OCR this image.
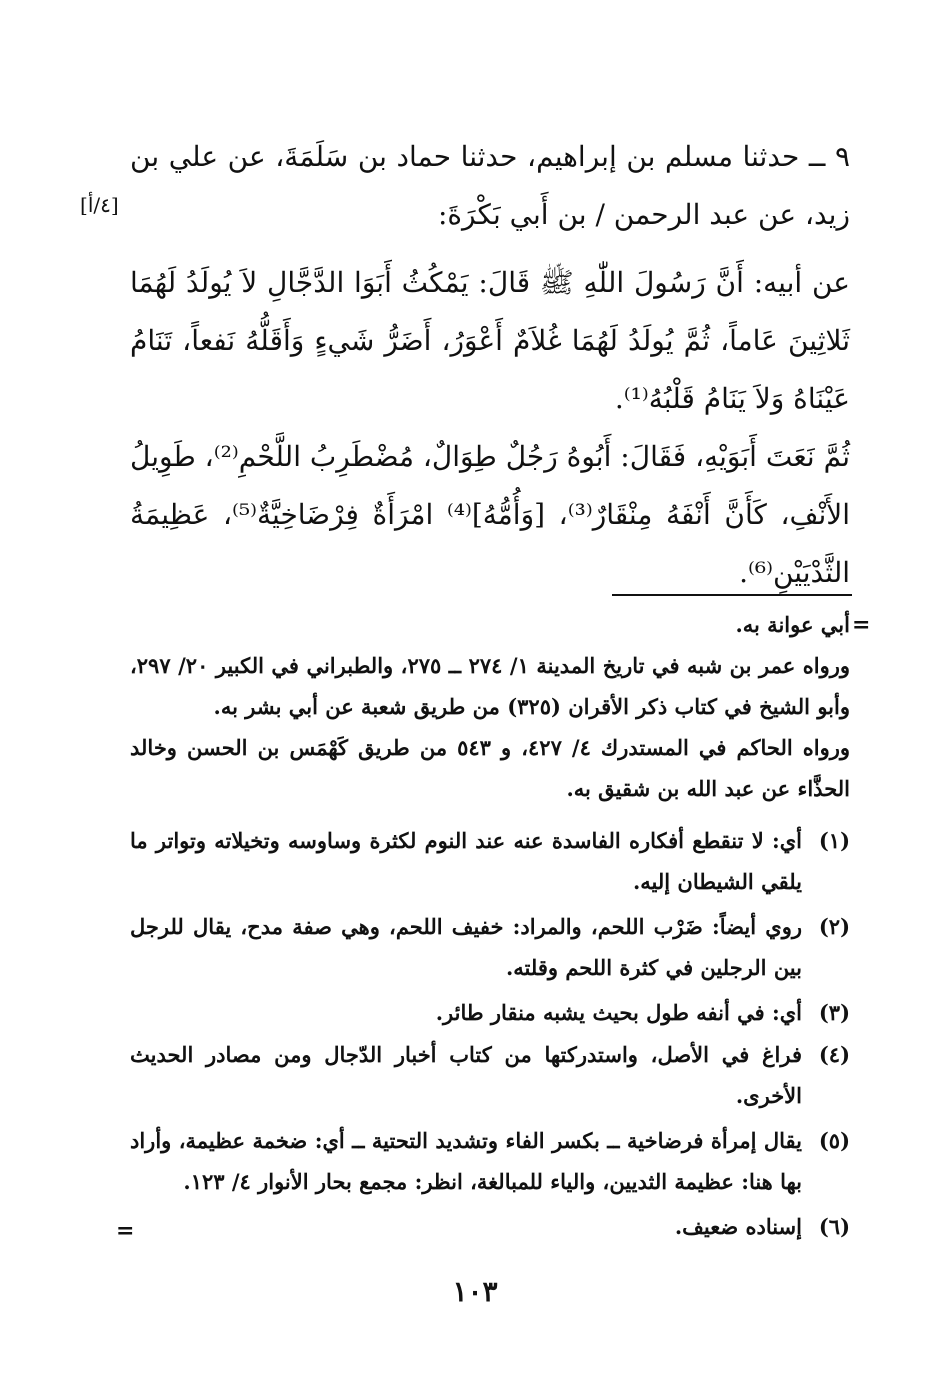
٩ ــ حدثنا مسلم بن إبراهيم، حدثنا حماد بن سَلَمَةَ، عن علي بن زيد، عن عبد الرحمن / بن أَبي بَكْرَةَ:
[٤/أ]
عن أبيه: أَنَّ رَسُولَ اللّٰهِ ﷺ قَالَ: يَمْكُثُ أَبَوَا الدَّجَّالِ لاَ يُولَدُ لَهُمَا ثَلاثِينَ عَاماً، ثُمَّ يُولَدُ لَهُمَا غُلاَمٌ أَعْوَرُ، أَضَرُّ شَيءٍ وَأَقَلُّهُ نَفعاً، تَنَامُ عَيْنَاهُ وَلاَ يَنَامُ قَلْبُهُ⁽¹⁾.
ثُمَّ نَعَتَ أَبَوَيْهِ، فَقَالَ: أَبُوهُ رَجُلٌ طِوَالٌ، مُضْطَرِبُ اللَّحْمِ⁽²⁾، طَوِيلُ الأَنْفِ، كَأَنَّ أَنْفَهُ مِنْقَارٌ⁽³⁾، [وَأُمُّهُ]⁽⁴⁾ امْرَأَةٌ فِرْضَاخِيَّةٌ⁽⁵⁾، عَظِيمَةُ الثَّدْيَيْنِ⁽⁶⁾.
=
أبي عوانة به.
ورواه عمر بن شبه في تاريخ المدينة ١/ ٢٧٤ ــ ٢٧٥، والطبراني في الكبير ٢٠/ ٢٩٧، وأبو الشيخ في كتاب ذكر الأقران (٣٢٥) من طريق شعبة عن أبي بشر به.
ورواه الحاكم في المستدرك ٤/ ٤٢٧، و ٥٤٣ من طريق كَهْمَس بن الحسن وخالد الحذَّاء عن عبد الله بن شقيق به.
(١)
أي: لا تنقطع أفكاره الفاسدة عنه عند النوم لكثرة وساوسه وتخيلاته وتواتر ما يلقي الشيطان إليه.
(٢)
روي أيضاً: ضَرْب اللحم، والمراد: خفيف اللحم، وهي صفة مدح، يقال للرجل بين الرجلين في كثرة اللحم وقلته.
(٣)
أي: في أنفه طول بحيث يشبه منقار طائر.
(٤)
فراغ في الأصل، واستدركتها من كتاب أخبار الدّجال ومن مصادر الحديث الأخرى.
(٥)
يقال إمرأة فرضاخية ــ بكسر الفاء وتشديد التحتية ــ أي: ضخمة عظيمة، وأراد بها هنا: عظيمة الثديين، والياء للمبالغة، انظر: مجمع بحار الأنوار ٤/ ١٢٣.
(٦)
إسناده ضعيف.
=
١٠٣
